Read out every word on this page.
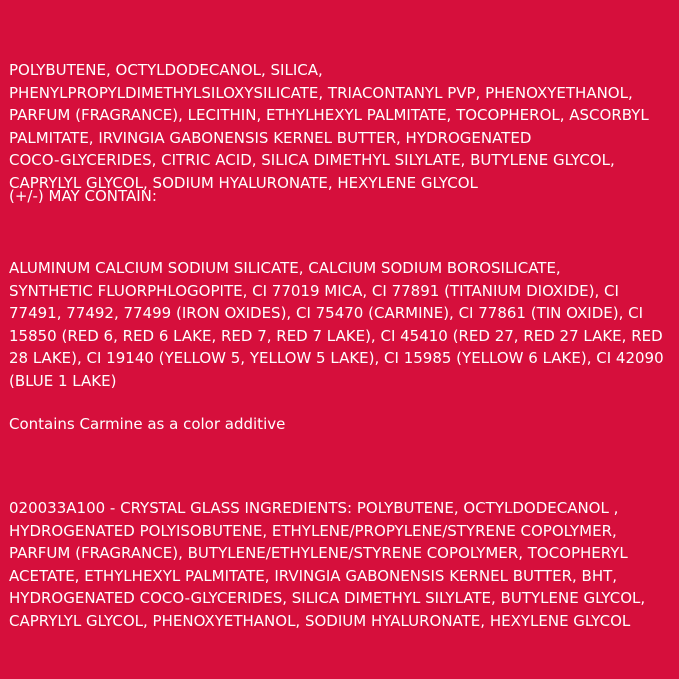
POLYBUTENE, OCTYLDODECANOL, SILICA,
PHENYLPROPYLDIMETHYLSILOXYSILICATE, TRIACONTANYL PVP, PHENOXYETHANOL,
PARFUM (FRAGRANCE), LECITHIN, ETHYLHEXYL PALMITATE, TOCOPHEROL, ASCORBYL
PALMITATE, IRVINGIA GABONENSIS KERNEL BUTTER, HYDROGENATED
COCO-GLYCERIDES, CITRIC ACID, SILICA DIMETHYL SILYLATE, BUTYLENE GLYCOL,
CAPRYLYL GLYCOL, SODIUM HYALURONATE, HEXYLENE GLYCOL
(+/-) MAY CONTAIN:
ALUMINUM CALCIUM SODIUM SILICATE, CALCIUM SODIUM BOROSILICATE,
SYNTHETIC FLUORPHLOGOPITE, CI 77019 MICA, CI 77891 (TITANIUM DIOXIDE), CI
77491, 77492, 77499 (IRON OXIDES), CI 75470 (CARMINE), CI 77861 (TIN OXIDE), CI
15850 (RED 6, RED 6 LAKE, RED 7, RED 7 LAKE), CI 45410 (RED 27, RED 27 LAKE, RED
28 LAKE), CI 19140 (YELLOW 5, YELLOW 5 LAKE), CI 15985 (YELLOW 6 LAKE), CI 42090
(BLUE 1 LAKE)
Contains Carmine as a color additive
020033A100 - CRYSTAL GLASS INGREDIENTS: POLYBUTENE, OCTYLDODECANOL ,
HYDROGENATED POLYISOBUTENE, ETHYLENE/PROPYLENE/STYRENE COPOLYMER,
PARFUM (FRAGRANCE), BUTYLENE/ETHYLENE/STYRENE COPOLYMER, TOCOPHERYL
ACETATE, ETHYLHEXYL PALMITATE, IRVINGIA GABONENSIS KERNEL BUTTER, BHT,
HYDROGENATED COCO-GLYCERIDES, SILICA DIMETHYL SILYLATE, BUTYLENE GLYCOL,
CAPRYLYL GLYCOL, PHENOXYETHANOL, SODIUM HYALURONATE, HEXYLENE GLYCOL
